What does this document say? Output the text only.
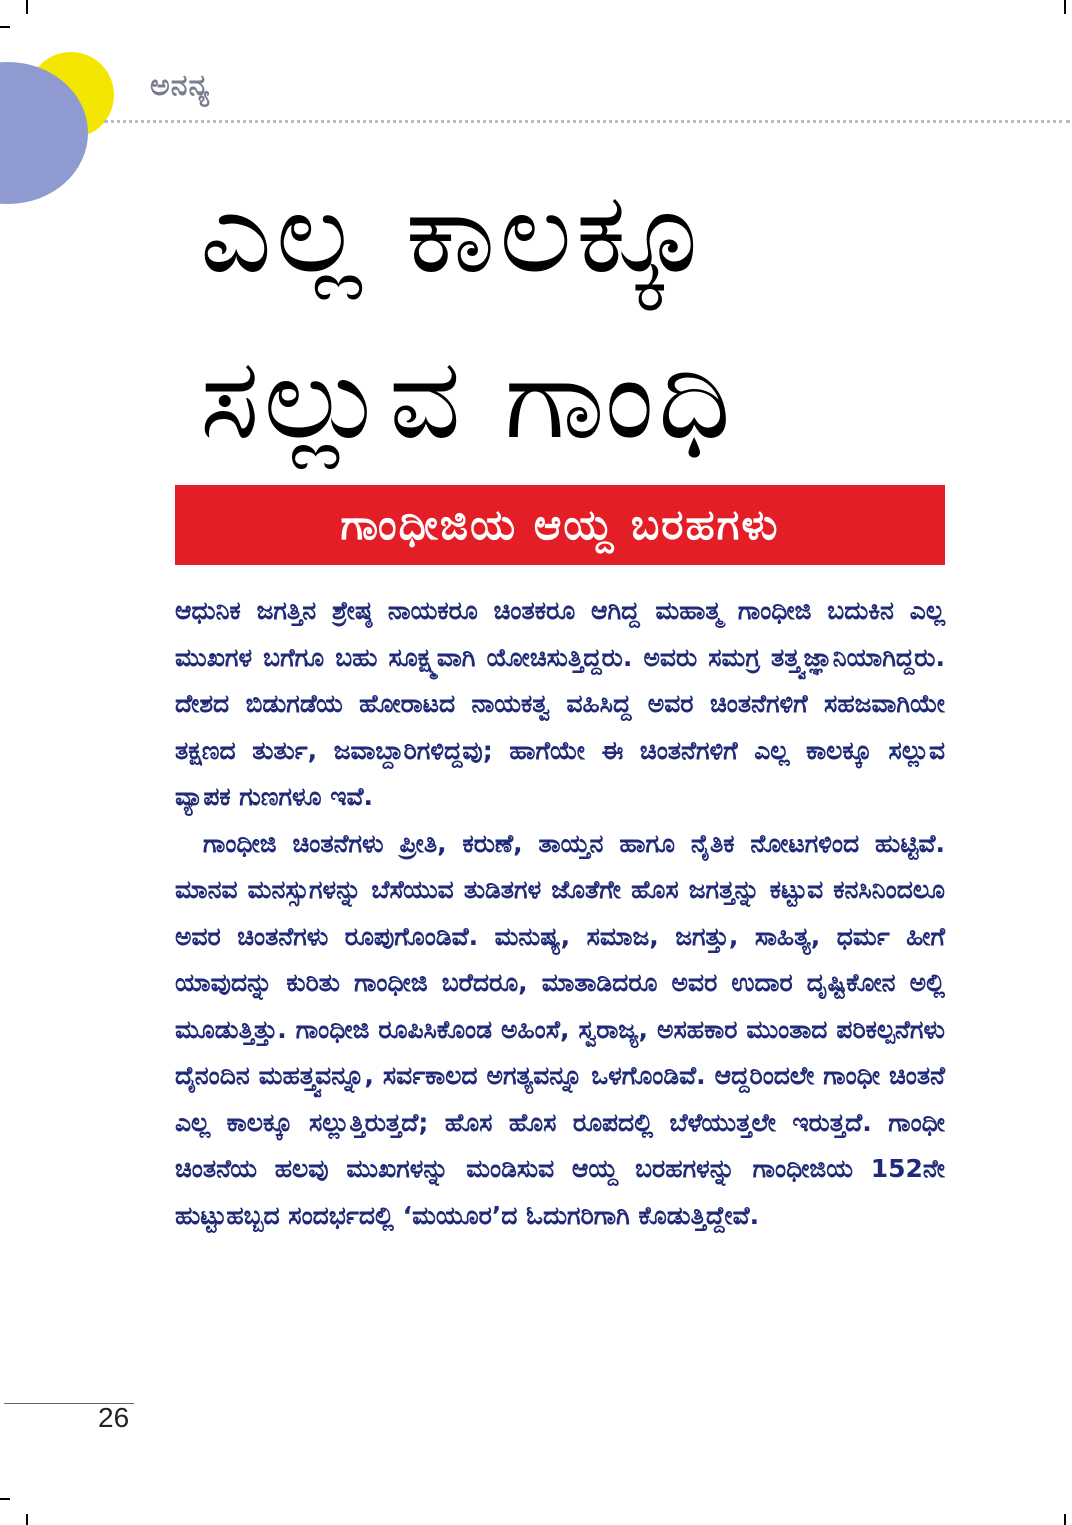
ಅನನ್ಯ
ಎಲ್ಲ ಕಾಲಕ್ಕೂ
ಸಲ್ಲುವ ಗಾಂಧಿ
ಗಾಂಧೀಜಿಯ ಆಯ್ದ ಬರಹಗಳು

ಆಧುನಿಕ ಜಗತ್ತಿನ ಶ್ರೇಷ್ಠ ನಾಯಕರೂ ಚಿಂತಕರೂ ಆಗಿದ್ದ ಮಹಾತ್ಮ ಗಾಂಧೀಜಿ ಬದುಕಿನ ಎಲ್ಲ ಮುಖಗಳ ಬಗೆಗೂ ಬಹು ಸೂಕ್ಷ್ಮವಾಗಿ ಯೋಚಿಸುತ್ತಿದ್ದರು. ಅವರು ಸಮಗ್ರ ತತ್ತ್ವಜ್ಞಾನಿಯಾಗಿದ್ದರು. ದೇಶದ ಬಿಡುಗಡೆಯ ಹೋರಾಟದ ನಾಯಕತ್ವ ವಹಿಸಿದ್ದ ಅವರ ಚಿಂತನೆಗಳಿಗೆ ಸಹಜವಾಗಿಯೇ ತಕ್ಷಣದ ತುರ್ತು, ಜವಾಬ್ದಾರಿಗಳಿದ್ದವು; ಹಾಗೆಯೇ ಈ ಚಿಂತನೆಗಳಿಗೆ ಎಲ್ಲ ಕಾಲಕ್ಕೂ ಸಲ್ಲುವ ವ್ಯಾಪಕ ಗುಣಗಳೂ ಇವೆ.

ಗಾಂಧೀಜಿ ಚಿಂತನೆಗಳು ಪ್ರೀತಿ, ಕರುಣೆ, ತಾಯ್ತನ ಹಾಗೂ ನೈತಿಕ ನೋಟಗಳಿಂದ ಹುಟ್ಟಿವೆ. ಮಾನವ ಮನಸ್ಸುಗಳನ್ನು ಬೆಸೆಯುವ ತುಡಿತಗಳ ಜೊತೆಗೇ ಹೊಸ ಜಗತ್ತನ್ನು ಕಟ್ಟುವ ಕನಸಿನಿಂದಲೂ ಅವರ ಚಿಂತನೆಗಳು ರೂಪುಗೊಂಡಿವೆ. ಮನುಷ್ಯ, ಸಮಾಜ, ಜಗತ್ತು, ಸಾಹಿತ್ಯ, ಧರ್ಮ ಹೀಗೆ ಯಾವುದನ್ನು ಕುರಿತು ಗಾಂಧೀಜಿ ಬರೆದರೂ, ಮಾತಾಡಿದರೂ ಅವರ ಉದಾರ ದೃಷ್ಟಿಕೋನ ಅಲ್ಲಿ ಮೂಡುತ್ತಿತ್ತು. ಗಾಂಧೀಜಿ ರೂಪಿಸಿಕೊಂಡ ಅಹಿಂಸೆ, ಸ್ವರಾಜ್ಯ, ಅಸಹಕಾರ ಮುಂತಾದ ಪರಿಕಲ್ಪನೆಗಳು ದೈನಂದಿನ ಮಹತ್ತ್ವವನ್ನೂ, ಸರ್ವಕಾಲದ ಅಗತ್ಯವನ್ನೂ ಒಳಗೊಂಡಿವೆ. ಆದ್ದರಿಂದಲೇ ಗಾಂಧೀ ಚಿಂತನೆ ಎಲ್ಲ ಕಾಲಕ್ಕೂ ಸಲ್ಲುತ್ತಿರುತ್ತದೆ; ಹೊಸ ಹೊಸ ರೂಪದಲ್ಲಿ ಬೆಳೆಯುತ್ತಲೇ ಇರುತ್ತದೆ. ಗಾಂಧೀ ಚಿಂತನೆಯ ಹಲವು ಮುಖಗಳನ್ನು ಮಂಡಿಸುವ ಆಯ್ದ ಬರಹಗಳನ್ನು ಗಾಂಧೀಜಿಯ 152ನೇ ಹುಟ್ಟುಹಬ್ಬದ ಸಂದರ್ಭದಲ್ಲಿ ‘ಮಯೂರ’ದ ಓದುಗರಿಗಾಗಿ ಕೊಡುತ್ತಿದ್ದೇವೆ.

26
